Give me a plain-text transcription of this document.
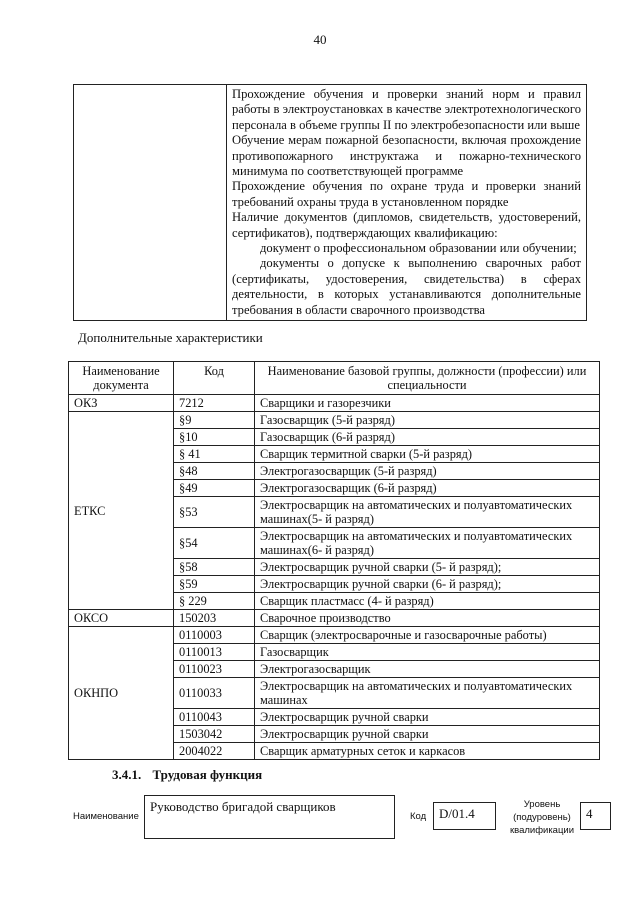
40

Прохождение обучения и проверки знаний норм и правил работы в электроустановках в качестве электротехнологического персонала в объеме группы II по электробезопасности или выше

Обучение мерам пожарной безопасности, включая прохождение противопожарного инструктажа и пожарно-технического минимума по соответствующей программе

Прохождение обучения по охране труда и проверки знаний требований охраны труда в установленном порядке

Наличие документов (дипломов, свидетельств, удостоверений, сертификатов), подтверждающих квалификацию:

документ о профессиональном образовании или обучении;

документы о допуске к выполнению сварочных работ (сертификаты, удостоверения, свидетельства) в сферах деятельности, в которых устанавливаются дополнительные требования в области сварочного производства

Дополнительные характеристики
Наименование документа	Код	Наименование базовой группы, должности (профессии) или специальности
ОКЗ	7212	Сварщики и газорезчики
ЕТКС	§9	Газосварщик (5-й разряд)
	§10	Газосварщик (6-й разряд)
	§ 41	Сварщик термитной сварки (5-й разряд)
	§48	Электрогазосварщик (5-й разряд)
	§49	Электрогазосварщик (6-й разряд)
	§53	Электросварщик на автоматических и полуавтоматических машинах(5- й разряд)
	§54	Электросварщик на автоматических и полуавтоматических машинах(6- й разряд)
	§58	Электросварщик ручной сварки (5- й разряд);
	§59	Электросварщик ручной сварки (6- й разряд);
	§ 229	Сварщик пластмасс (4- й разряд)
ОКСО	150203	Сварочное производство
ОКНПО	0110003	Сварщик (электросварочные и газосварочные работы)
	0110013	Газосварщик
	0110023	Электрогазосварщик
	0110033	Электросварщик на автоматических и полуавтоматических машинах
	0110043	Электросварщик ручной сварки
	1503042	Электросварщик ручной сварки
	2004022	Сварщик арматурных сеток и каркасов
3.4.1. Трудовая функция
Наименование
Руководство бригадой сварщиков
Код D/01.4
Уровень
(подуровень)
квалификации
4
